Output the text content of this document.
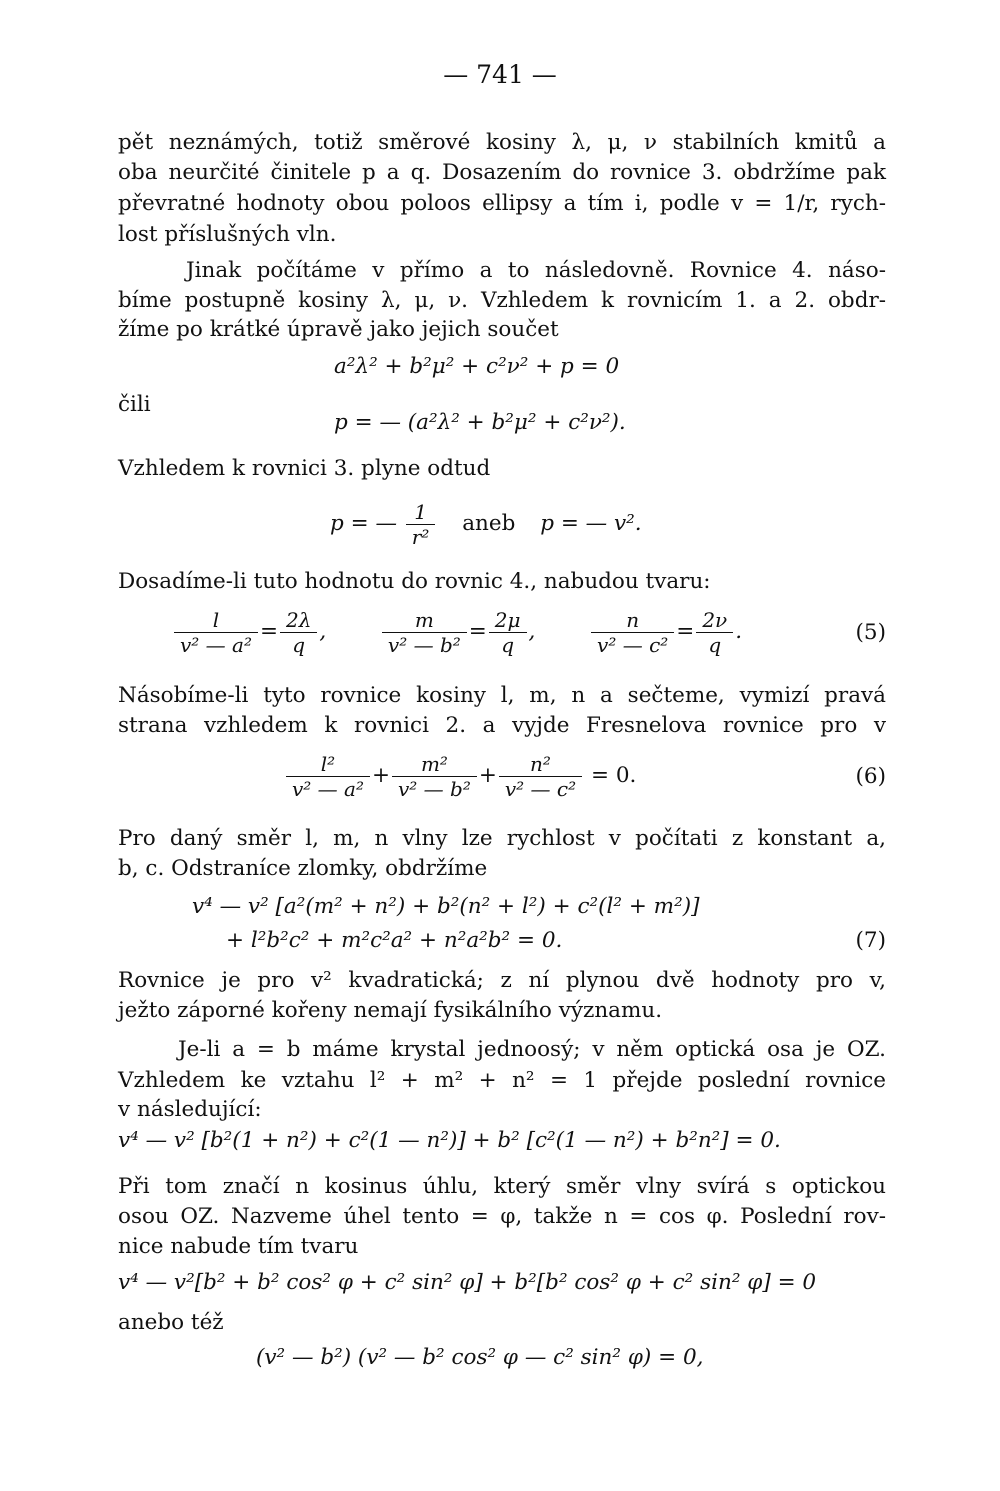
— 741 —
pět neznámých, totiž směrové kosiny λ, μ, ν stabilních kmitů a
oba neurčité činitele p a q. Dosazením do rovnice 3. obdržíme pak
převratné hodnoty obou poloos ellipsy a tím i, podle v = 1/r, rych-
lost příslušných vln.
Jinak počítáme v přímo a to následovně. Rovnice 4. náso-
bíme postupně kosiny λ, μ, ν. Vzhledem k rovnicím 1. a 2. obdr-
žíme po krátké úpravě jako jejich součet
a²λ² + b²μ² + c²ν² + p = 0
čili
p = — (a²λ² + b²μ² + c²ν²).
Vzhledem k rovnici 3. plyne odtud
p = — $\frac{1}{\text{r²}}$ aneb p = — v².
Dosadíme-li tuto hodnotu do rovnic 4., nabudou tvaru:
$\frac{l}{\text{v² — a²}} = \frac{2\lambda}{q}$ , $\frac{m}{\text{v² — b²}} = \frac{2\mu}{q}$ , $\frac{n}{\text{v² — c²}} = \frac{2\nu}{q}$ .	(5)
Násobíme-li tyto rovnice kosiny l, m, n a sečteme, vymizí pravá
strana vzhledem k rovnici 2. a vyjde Fresnelova rovnice pro v
$\frac{\text{l²}}{\text{v² — a²}} + \frac{\text{m²}}{\text{v² — b²}} + \frac{\text{n²}}{\text{v² — c²}} = 0$.	(6)
Pro daný směr l, m, n vlny lze rychlost v počítati z konstant a,
b, c. Odstraníce zlomky, obdržíme
v⁴ — v² [a²(m² + n²) + b²(n² + l²) + c²(l² + m²)]
+ l²b²c² + m²c²a² + n²a²b² = 0.	(7)
Rovnice je pro v² kvadratická; z ní plynou dvě hodnoty pro v,
ježto záporné kořeny nemají fysikálního významu.
Je-li a = b máme krystal jednoosý; v něm optická osa je OZ.
Vzhledem ke vztahu l² + m² + n² = 1 přejde poslední rovnice
v následující:
v⁴ — v² [b²(1 + n²) + c²(1 — n²)] + b² [c²(1 — n²) + b²n²] = 0.
Při tom značí n kosinus úhlu, který směr vlny svírá s optickou
osou OZ. Nazveme úhel tento = φ, takže n = cos φ. Poslední rov-
nice nabude tím tvaru
v⁴ — v²[b² + b² cos² φ + c² sin² φ] + b²[b² cos² φ + c² sin² φ] = 0
anebo též
(v² — b²) (v² — b² cos² φ — c² sin² φ) = 0,
